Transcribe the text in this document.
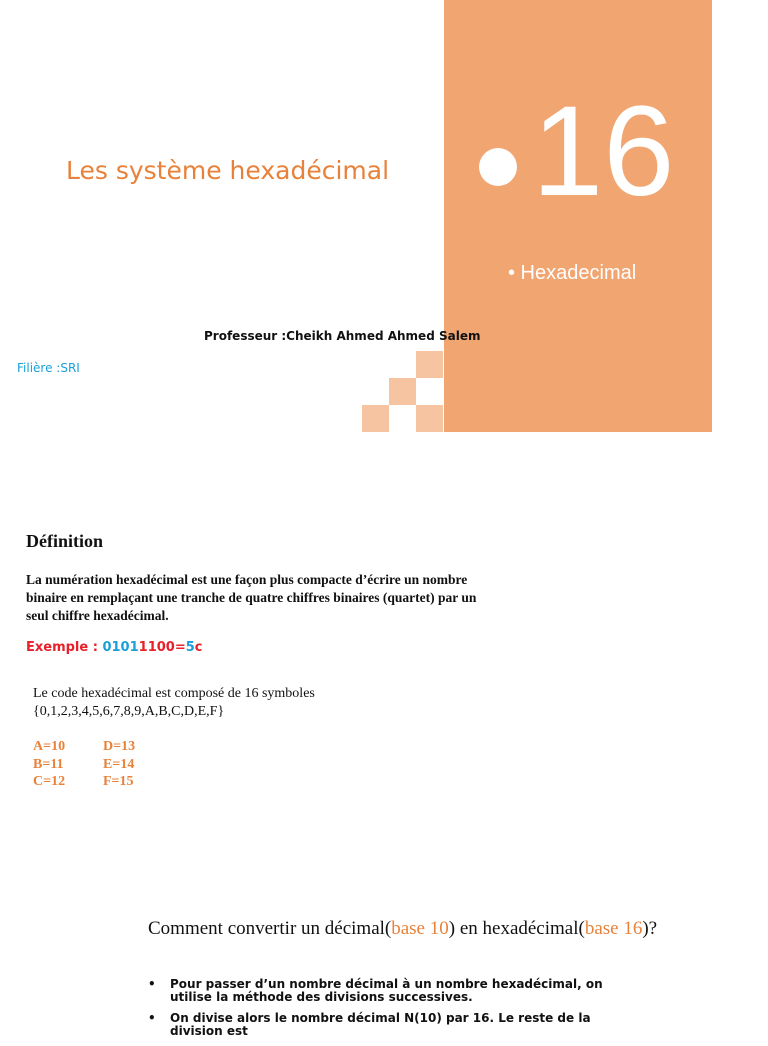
16
• Hexadecimal
Les système hexadécimal
Professeur :Cheikh Ahmed Ahmed Salem
Filière :SRI
Définition
La numération hexadécimal est une façon plus compacte d’écrire un nombre binaire en remplaçant une tranche de quatre chiffres binaires (quartet) par un seul chiffre hexadécimal.
Exemple : 01011100=5c
Le code hexadécimal est composé de 16 symboles
{0,1,2,3,4,5,6,7,8,9,A,B,C,D,E,F}
A=10
B=11
C=12
D=13
E=14
F=15
Comment convertir un décimal(base 10) en hexadécimal(base 16)?
• Pour passer d’un nombre décimal à un nombre hexadécimal, on utilise la méthode des divisions successives.
• On divise alors le nombre décimal N(10) par 16. Le reste de la division est
